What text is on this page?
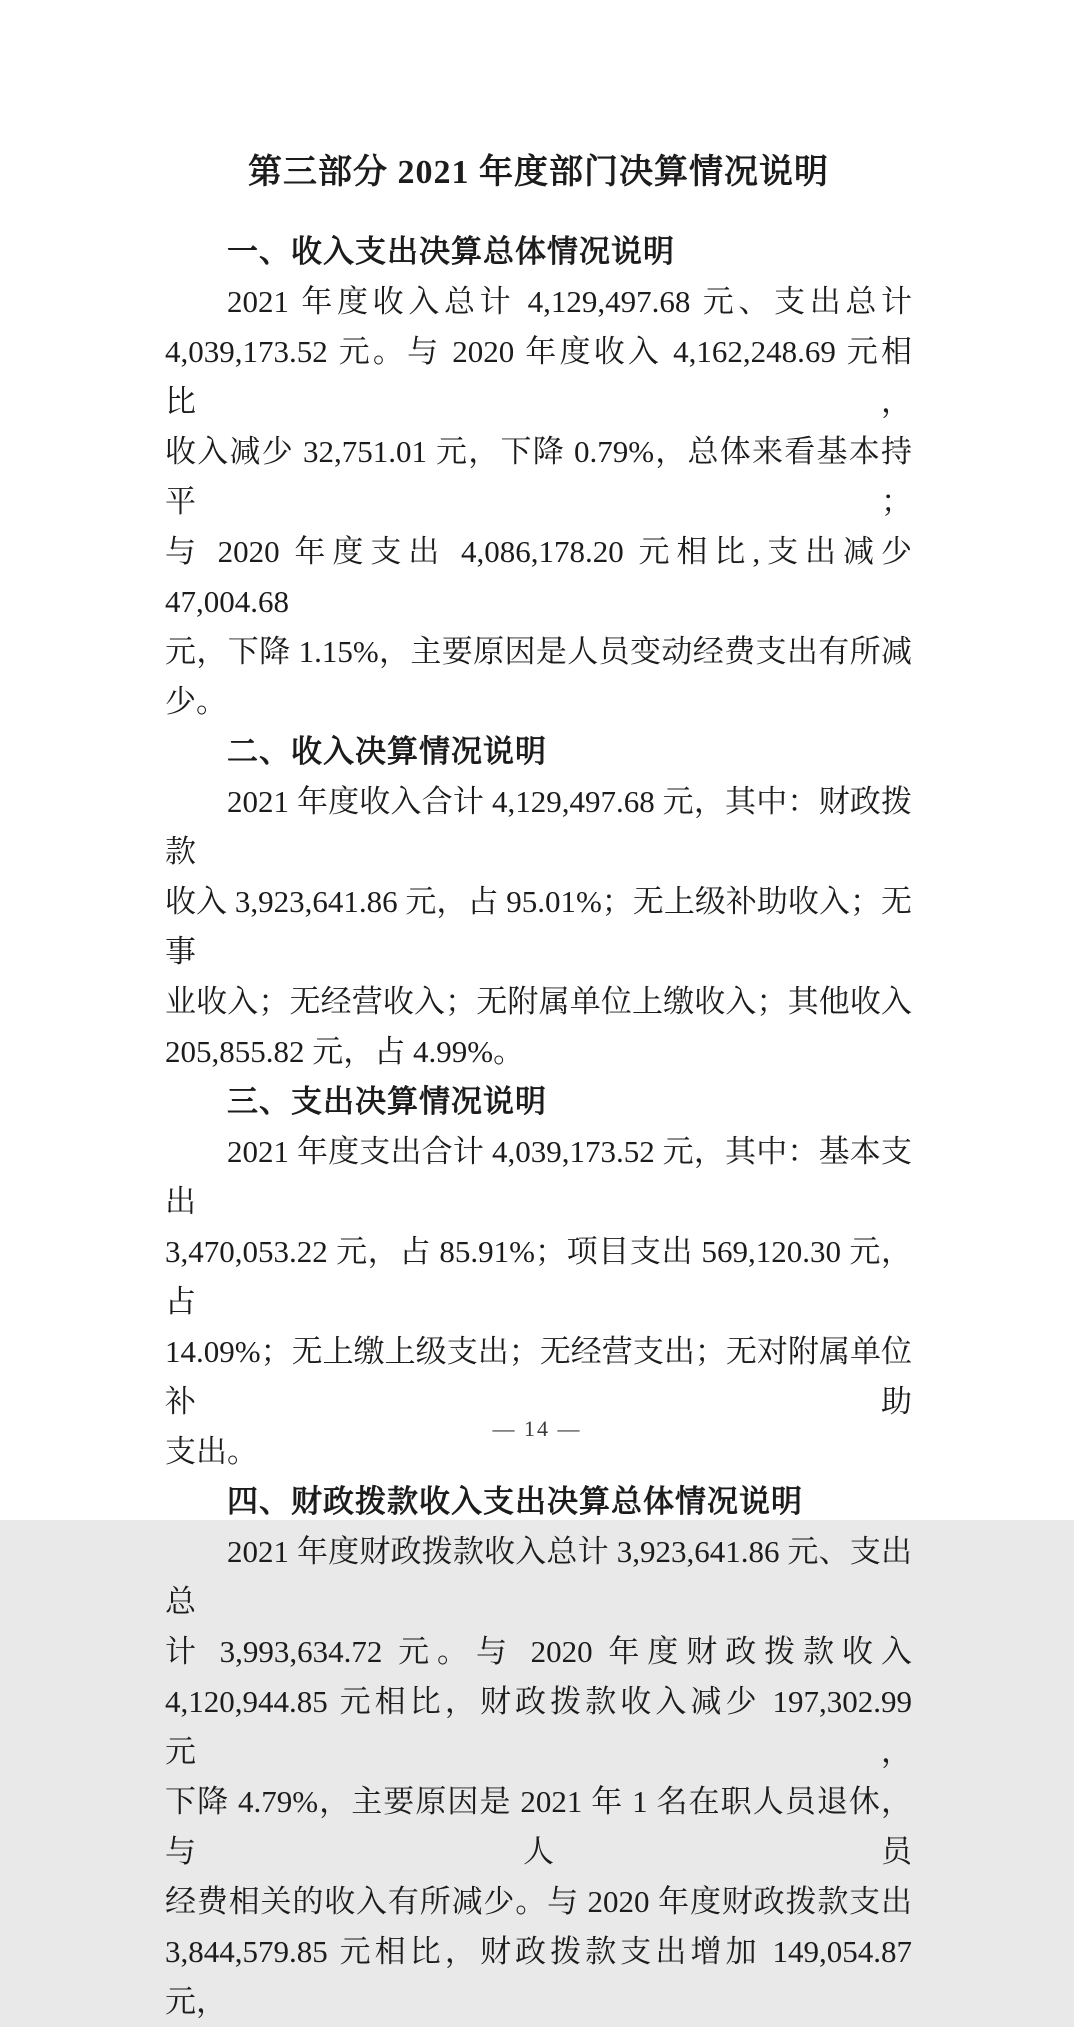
第三部分 2021 年度部门决算情况说明
一、收入支出决算总体情况说明
2021 年度收入总计 4,129,497.68 元、支出总计
4,039,173.52 元。与 2020 年度收入 4,162,248.69 元相比，
收入减少 32,751.01 元，下降 0.79%，总体来看基本持平；
与 2020 年度支出 4,086,178.20 元相比,支出减少 47,004.68
元，下降 1.15%，主要原因是人员变动经费支出有所减少。
二、收入决算情况说明
2021 年度收入合计 4,129,497.68 元，其中：财政拨款
收入 3,923,641.86 元，占 95.01%；无上级补助收入；无事
业收入；无经营收入；无附属单位上缴收入；其他收入
205,855.82 元，占 4.99%。
三、支出决算情况说明
2021 年度支出合计 4,039,173.52 元，其中：基本支出
3,470,053.22 元，占 85.91%；项目支出 569,120.30 元，占
14.09%；无上缴上级支出；无经营支出；无对附属单位补助
支出。
四、财政拨款收入支出决算总体情况说明
2021 年度财政拨款收入总计 3,923,641.86 元、支出总
计 3,993,634.72 元。与 2020 年度财政拨款收入
4,120,944.85 元相比，财政拨款收入减少 197,302.99 元，
下降 4.79%，主要原因是 2021 年 1 名在职人员退休，与人员
经费相关的收入有所减少。与 2020 年度财政拨款支出
3,844,579.85 元相比，财政拨款支出增加 149,054.87 元，
— 14 —
